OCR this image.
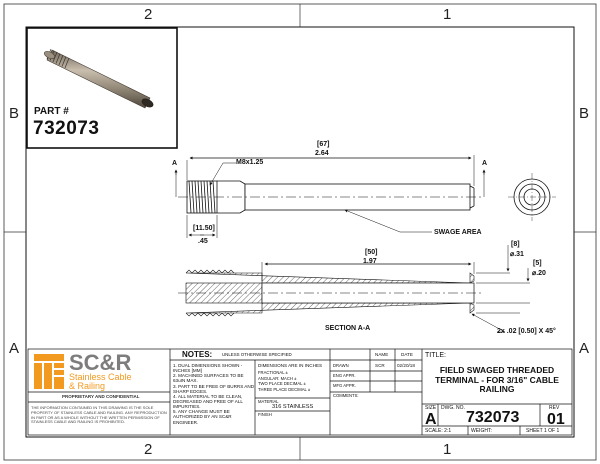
2	1
2	1
B
A
B
A
PART #
732073
[67]
2.64
M8x1.25
[11.50]
.45
SWAGE AREA
A	A
[50]
1.97
[8]
⌀.31
[5]
⌀.20
2x .02 [0.50] X 45°
SECTION A-A
SC&R
Stainless Cable
& Railing
PROPRIETARY AND CONFIDENTIAL
THE INFORMATION CONTAINED IN THIS DRAWING IS THE SOLE PROPERTY OF STAINLESS CABLE AND RAILING. ANY REPRODUCTION IN PART OR AS A WHOLE WITHOUT THE WRITTEN PERMISSION OF STAINLESS CABLE AND RAILING IS PROHIBITED.
NOTES: UNLESS OTHERWISE SPECIFIED
1. DUAL DIMENSIONS SHOWN - INCHES [MM]
2. MACHINED SURFACES TO BE 63uIN MAX.
3. PART TO BE FREE OF BURRS AND SHARP EDGES.
4. ALL MATERIAL TO BE CLEAN, DEGREASED AND FREE OF ALL IMPURITIES.
5. ANY CHANGE MUST BE AUTHORIZED BY AN SC&R ENGINEER.
DIMENSIONS ARE IN INCHES
FRACTIONAL ±
ANGULAR: MACH ±
TWO PLACE DECIMAL ±
THREE PLACE DECIMAL ±
MATERIAL
316 STAINLESS
FINISH
NAME	DATE
DRAWN	SCR	02/20/18
ENG APPR.
MFG APPR.
COMMENTS:
TITLE:
FIELD SWAGED THREADED TERMINAL - FOR 3/16" CABLE RAILING
SIZE
A
DWG. NO.
732073
REV
01
SCALE: 2:1	WEIGHT:	SHEET 1 OF 1
